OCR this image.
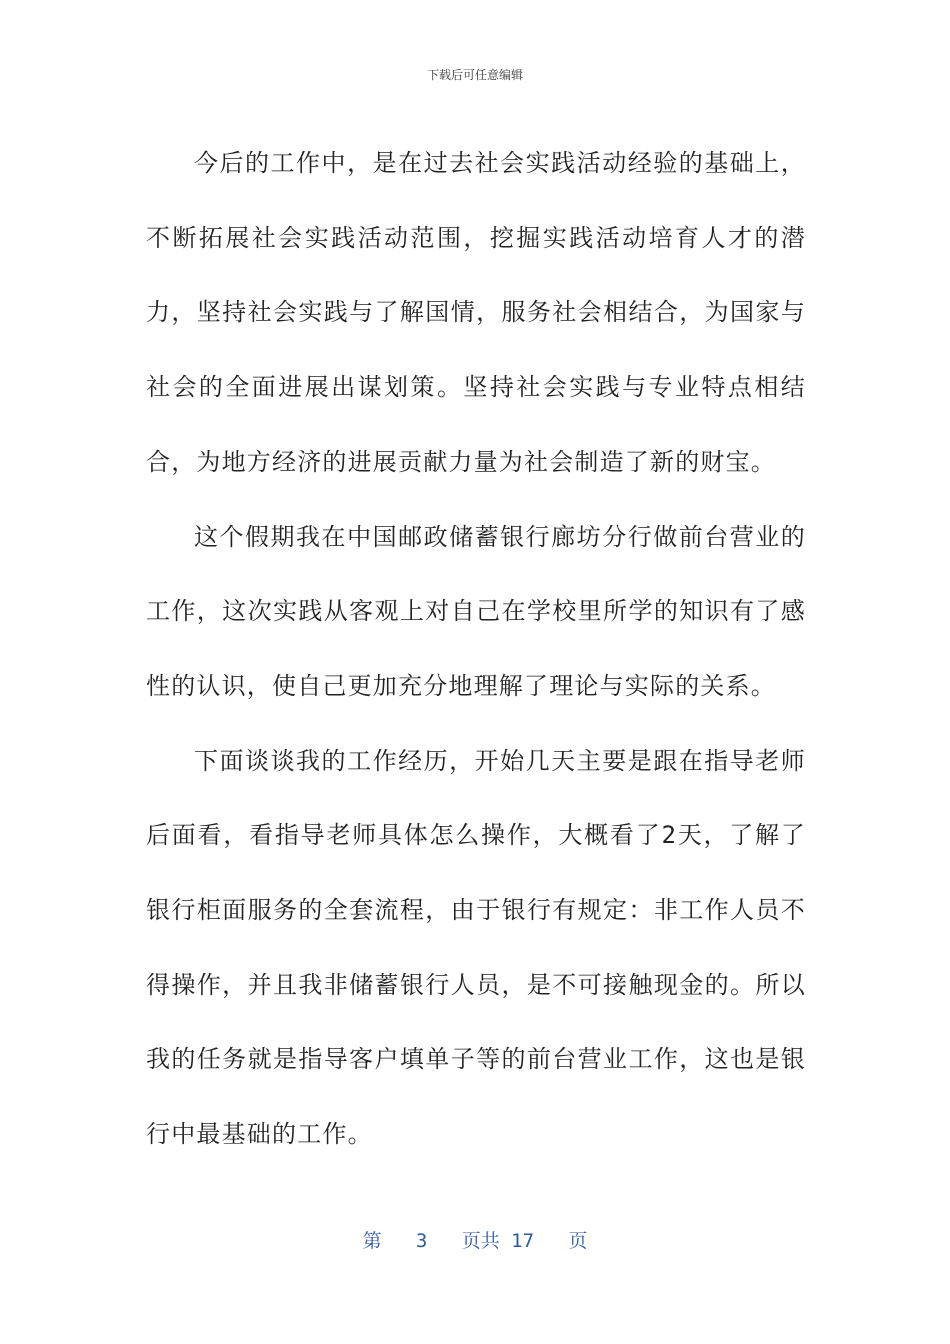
下载后可任意编辑

今后的工作中，是在过去社会实践活动经验的基础上，不断拓展社会实践活动范围，挖掘实践活动培育人才的潜力，坚持社会实践与了解国情，服务社会相结合，为国家与社会的全面进展出谋划策。坚持社会实践与专业特点相结合，为地方经济的进展贡献力量为社会制造了新的财宝。

这个假期我在中国邮政储蓄银行廊坊分行做前台营业的工作，这次实践从客观上对自己在学校里所学的知识有了感性的认识，使自己更加充分地理解了理论与实际的关系。

下面谈谈我的工作经历，开始几天主要是跟在指导老师后面看，看指导老师具体怎么操作，大概看了2天，了解了银行柜面服务的全套流程，由于银行有规定：非工作人员不得操作，并且我非储蓄银行人员，是不可接触现金的。所以我的任务就是指导客户填单子等的前台营业工作，这也是银行中最基础的工作。

第 3 页共 17 页
